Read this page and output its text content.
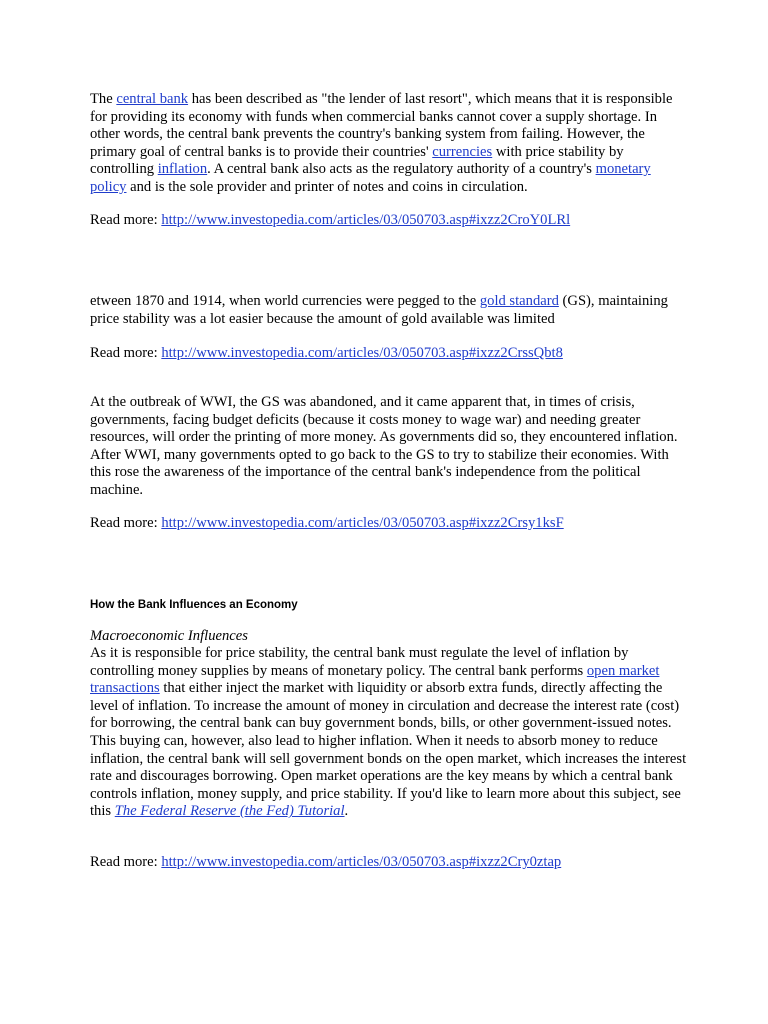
The central bank has been described as "the lender of last resort", which means that it is responsible for providing its economy with funds when commercial banks cannot cover a supply shortage. In other words, the central bank prevents the country's banking system from failing. However, the primary goal of central banks is to provide their countries' currencies with price stability by controlling inflation. A central bank also acts as the regulatory authority of a country's monetary policy and is the sole provider and printer of notes and coins in circulation.

Read more: http://www.investopedia.com/articles/03/050703.asp#ixzz2CroY0LRl

etween 1870 and 1914, when world currencies were pegged to the gold standard (GS), maintaining price stability was a lot easier because the amount of gold available was limited

Read more: http://www.investopedia.com/articles/03/050703.asp#ixzz2CrssQbt8

At the outbreak of WWI, the GS was abandoned, and it came apparent that, in times of crisis, governments, facing budget deficits (because it costs money to wage war) and needing greater resources, will order the printing of more money. As governments did so, they encountered inflation. After WWI, many governments opted to go back to the GS to try to stabilize their economies. With this rose the awareness of the importance of the central bank's independence from the political machine.

Read more: http://www.investopedia.com/articles/03/050703.asp#ixzz2Crsy1ksF

How the Bank Influences an Economy

Macroeconomic Influences

As it is responsible for price stability, the central bank must regulate the level of inflation by controlling money supplies by means of monetary policy. The central bank performs open market transactions that either inject the market with liquidity or absorb extra funds, directly affecting the level of inflation. To increase the amount of money in circulation and decrease the interest rate (cost) for borrowing, the central bank can buy government bonds, bills, or other government-issued notes. This buying can, however, also lead to higher inflation. When it needs to absorb money to reduce inflation, the central bank will sell government bonds on the open market, which increases the interest rate and discourages borrowing. Open market operations are the key means by which a central bank controls inflation, money supply, and price stability. If you'd like to learn more about this subject, see this The Federal Reserve (the Fed) Tutorial.

Read more: http://www.investopedia.com/articles/03/050703.asp#ixzz2Cry0ztap
